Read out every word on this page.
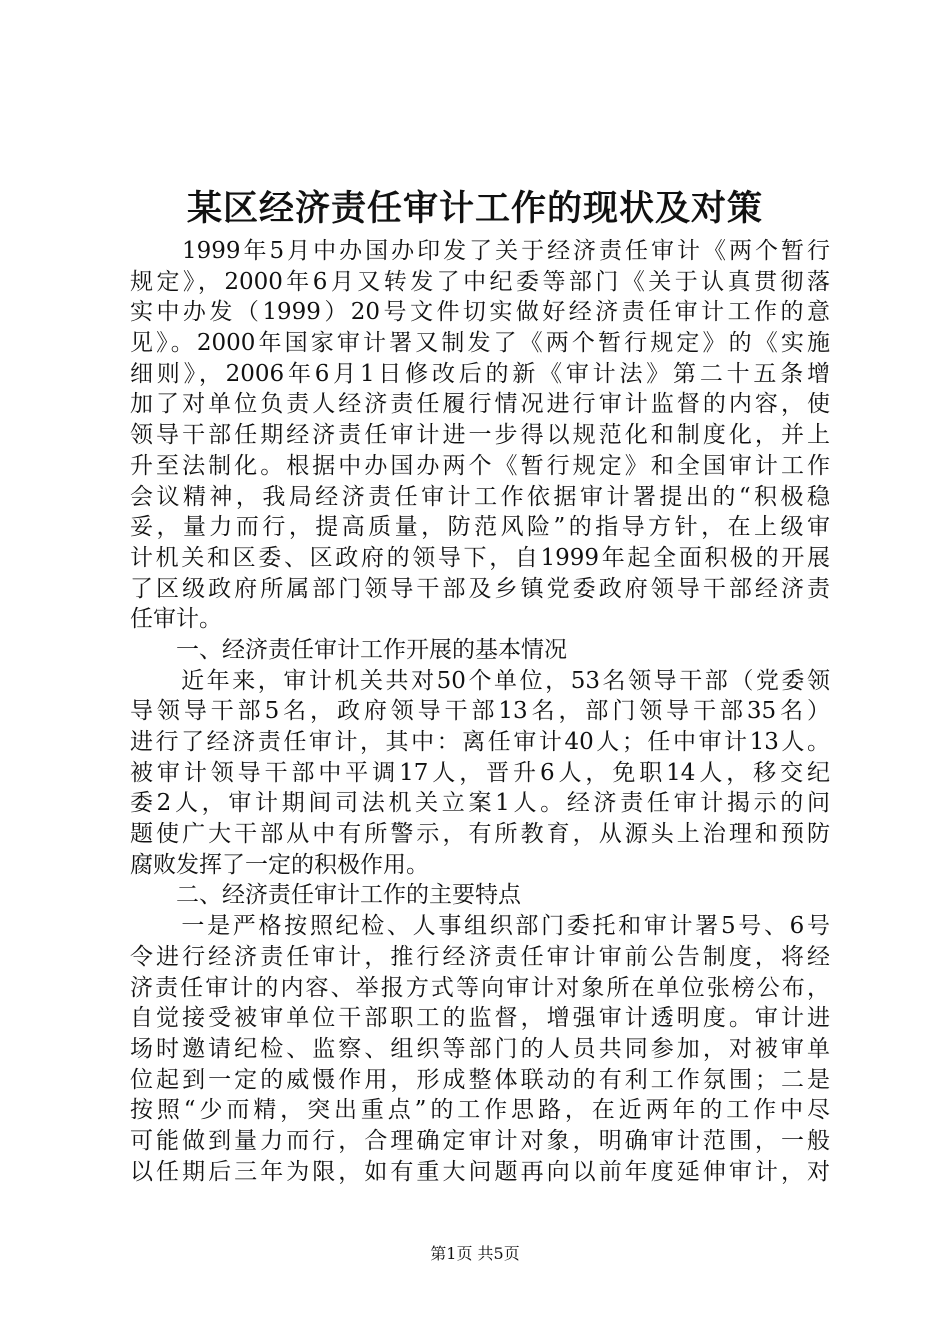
某区经济责任审计工作的现状及对策
　　1999年5月中办国办印发了关于经济责任审计《两个暂行
规定》，2000年6月又转发了中纪委等部门《关于认真贯彻落
实中办发（1999）20号文件切实做好经济责任审计工作的意
见》。2000年国家审计署又制发了《两个暂行规定》的《实施
细则》，2006年6月1日修改后的新《审计法》第二十五条增
加了对单位负责人经济责任履行情况进行审计监督的内容，使
领导干部任期经济责任审计进一步得以规范化和制度化，并上
升至法制化。根据中办国办两个《暂行规定》和全国审计工作
会议精神，我局经济责任审计工作依据审计署提出的“积极稳
妥，量力而行，提高质量，防范风险”的指导方针，在上级审
计机关和区委、区政府的领导下，自1999年起全面积极的开展
了区级政府所属部门领导干部及乡镇党委政府领导干部经济责
任审计。
　　一、经济责任审计工作开展的基本情况
　　近年来，审计机关共对50个单位，53名领导干部（党委领
导领导干部5名，政府领导干部13名，部门领导干部35名）
进行了经济责任审计，其中：离任审计40人；任中审计13人。
被审计领导干部中平调17人，晋升6人，免职14人，移交纪
委2人，审计期间司法机关立案1人。经济责任审计揭示的问
题使广大干部从中有所警示，有所教育，从源头上治理和预防
腐败发挥了一定的积极作用。
　　二、经济责任审计工作的主要特点
　　一是严格按照纪检、人事组织部门委托和审计署5号、6号
令进行经济责任审计，推行经济责任审计审前公告制度，将经
济责任审计的内容、举报方式等向审计对象所在单位张榜公布，
自觉接受被审单位干部职工的监督，增强审计透明度。审计进
场时邀请纪检、监察、组织等部门的人员共同参加，对被审单
位起到一定的威慑作用，形成整体联动的有利工作氛围；二是
按照“少而精，突出重点”的工作思路，在近两年的工作中尽
可能做到量力而行，合理确定审计对象，明确审计范围，一般
以任期后三年为限，如有重大问题再向以前年度延伸审计，对
第1页 共5页
